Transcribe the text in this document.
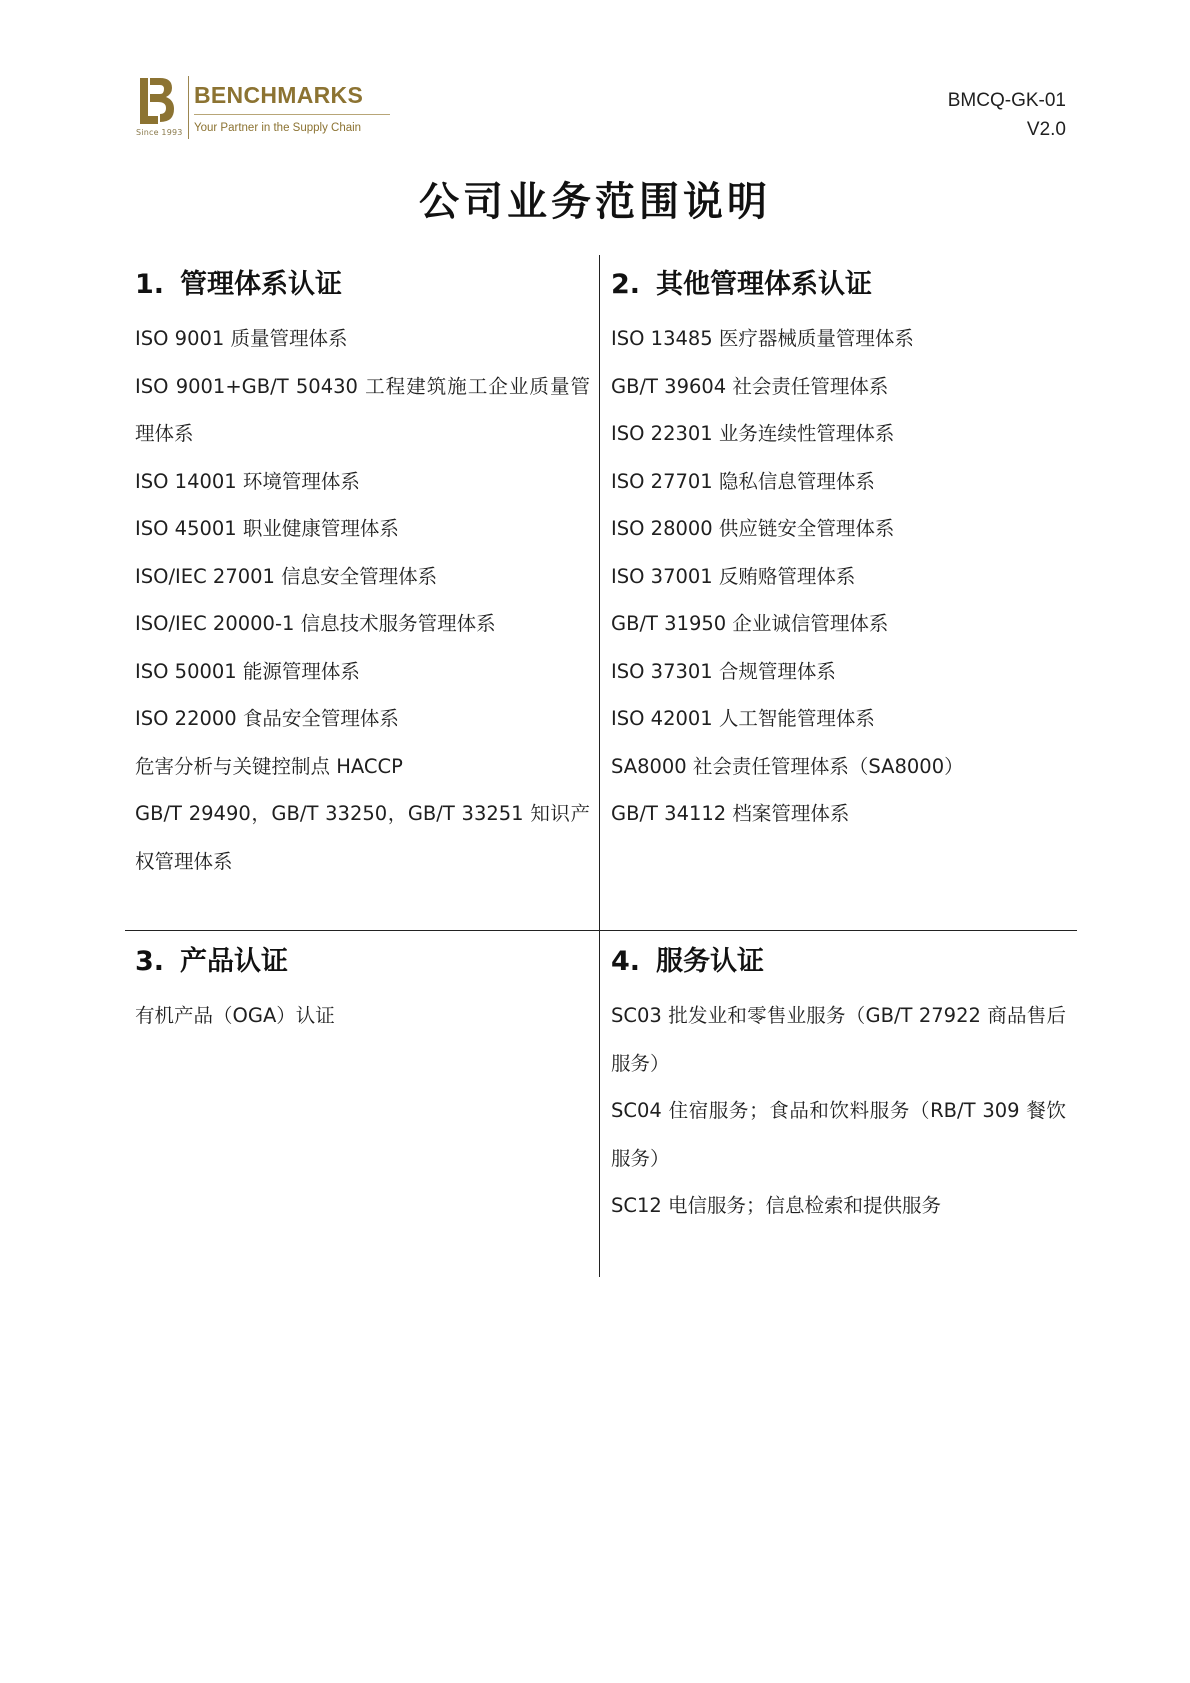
Since 1993
BENCHMARKS
Your Partner in the Supply Chain
BMCQ-GK-01
V2.0
公司业务范围说明
1. 管理体系认证
ISO 9001 质量管理体系
ISO 9001+GB/T 50430 工程建筑施工企业质量管理体系
ISO 14001 环境管理体系
ISO 45001 职业健康管理体系
ISO/IEC 27001 信息安全管理体系
ISO/IEC 20000-1 信息技术服务管理体系
ISO 50001 能源管理体系
ISO 22000 食品安全管理体系
危害分析与关键控制点 HACCP
GB/T 29490，GB/T 33250，GB/T 33251 知识产权管理体系
2. 其他管理体系认证
ISO 13485 医疗器械质量管理体系
GB/T 39604 社会责任管理体系
ISO 22301 业务连续性管理体系
ISO 27701 隐私信息管理体系
ISO 28000 供应链安全管理体系
ISO 37001 反贿赂管理体系
GB/T 31950 企业诚信管理体系
ISO 37301 合规管理体系
ISO 42001 人工智能管理体系
SA8000 社会责任管理体系（SA8000）
GB/T 34112 档案管理体系
3. 产品认证
有机产品（OGA）认证
4. 服务认证
SC03 批发业和零售业服务（GB/T 27922 商品售后服务）
SC04 住宿服务；食品和饮料服务（RB/T 309 餐饮服务）
SC12 电信服务；信息检索和提供服务
